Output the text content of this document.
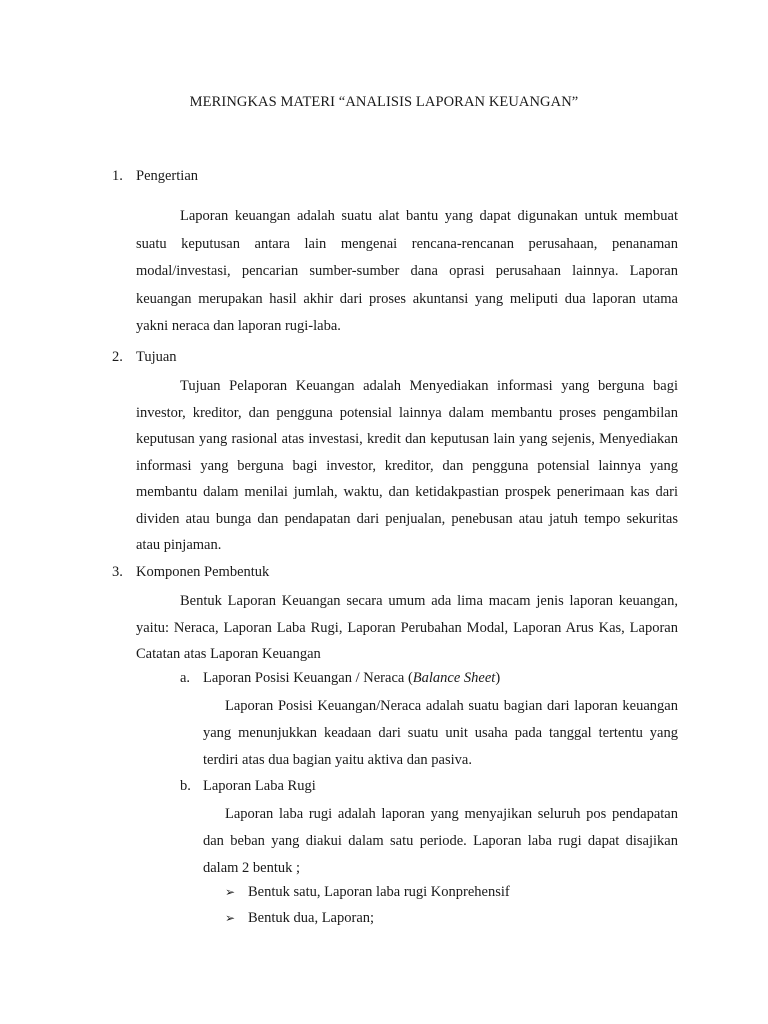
MERINGKAS MATERI “ANALISIS LAPORAN KEUANGAN”
1. Pengertian

Laporan keuangan adalah suatu alat bantu yang dapat digunakan untuk membuat suatu keputusan antara lain mengenai rencana-rencanan perusahaan, penanaman modal/investasi, pencarian sumber-sumber dana oprasi perusahaan lainnya. Laporan keuangan merupakan hasil akhir dari proses akuntansi yang meliputi dua laporan utama yakni neraca dan laporan rugi-laba.

2. Tujuan

Tujuan Pelaporan Keuangan adalah Menyediakan informasi yang berguna bagi investor, kreditor, dan pengguna potensial lainnya dalam membantu proses pengambilan keputusan yang rasional atas investasi, kredit dan keputusan lain yang sejenis, Menyediakan informasi yang berguna bagi investor, kreditor, dan pengguna potensial lainnya yang membantu dalam menilai jumlah, waktu, dan ketidakpastian prospek penerimaan kas dari dividen atau bunga dan pendapatan dari penjualan, penebusan atau jatuh tempo sekuritas atau pinjaman.

3. Komponen Pembentuk

Bentuk Laporan Keuangan secara umum ada lima macam jenis laporan keuangan, yaitu: Neraca, Laporan Laba Rugi, Laporan Perubahan Modal, Laporan Arus Kas, Laporan Catatan atas Laporan Keuangan

a. Laporan Posisi Keuangan / Neraca (Balance Sheet)

Laporan Posisi Keuangan/Neraca adalah suatu bagian dari laporan keuangan yang menunjukkan keadaan dari suatu unit usaha pada tanggal tertentu yang terdiri atas dua bagian yaitu aktiva dan pasiva.

b. Laporan Laba Rugi

Laporan laba rugi adalah laporan yang menyajikan seluruh pos pendapatan dan beban yang diakui dalam satu periode. Laporan laba rugi dapat disajikan dalam 2 bentuk ;

➢ Bentuk satu, Laporan laba rugi Konprehensif
➢ Bentuk dua, Laporan;
